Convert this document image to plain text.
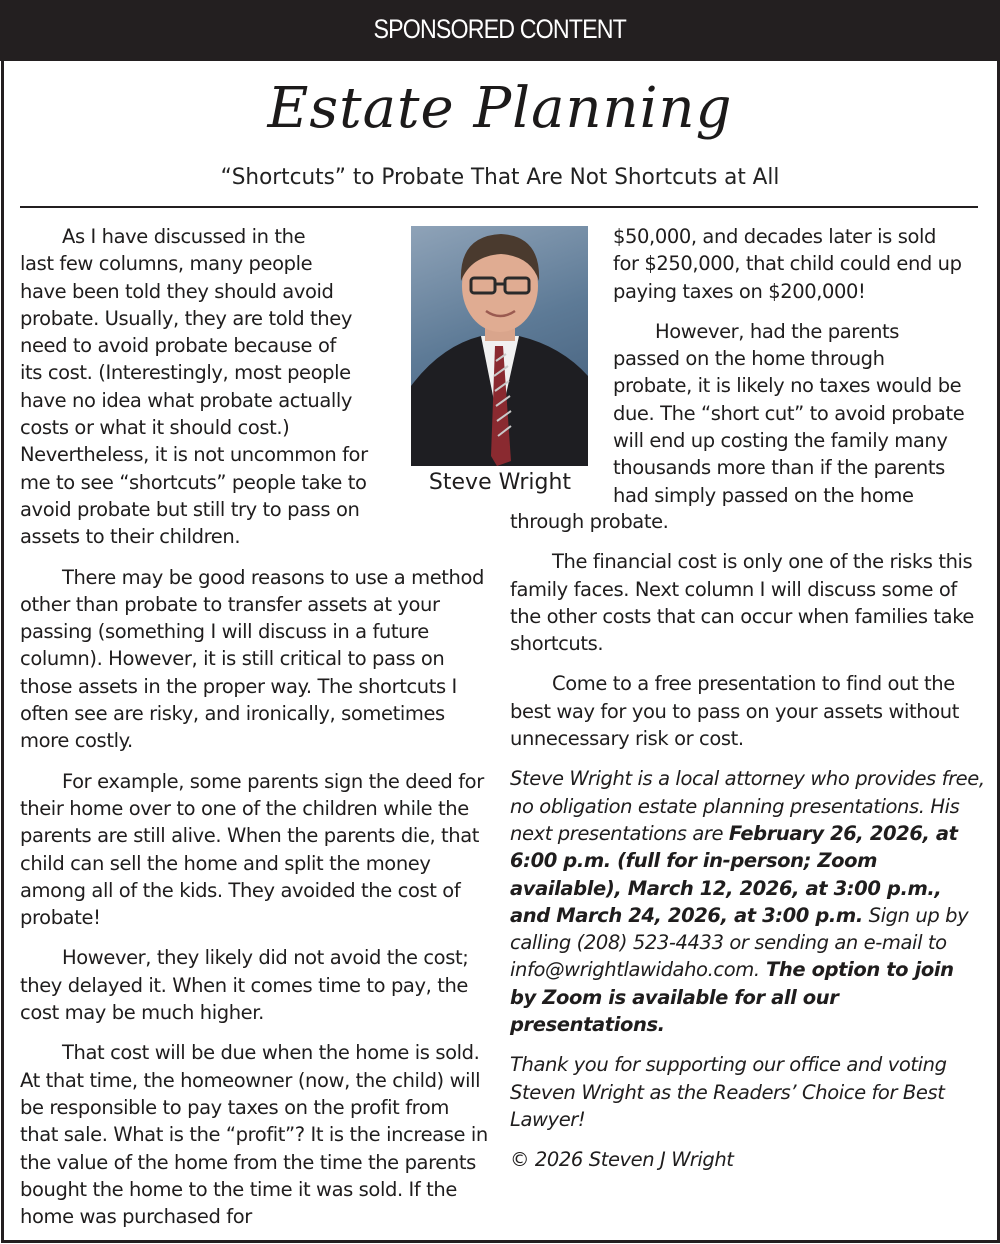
SPONSORED CONTENT
Estate Planning
“Shortcuts” to Probate That Are Not Shortcuts at All

As I have discussed in the
last few columns, many people
have been told they should avoid
probate. Usually, they are told they
need to avoid probate because of
its cost. (Interestingly, most people
have no idea what probate actually
costs or what it should cost.)
Nevertheless, it is not uncommon for
me to see “shortcuts” people take to
avoid probate but still try to pass on
assets to their children.

There may be good reasons to use a method other than probate to transfer assets at your passing (something I will discuss in a future column). However, it is still critical to pass on those assets in the proper way. The shortcuts I often see are risky, and ironically, sometimes more costly.

For example, some parents sign the deed for their home over to one of the children while the parents are still alive. When the parents die, that child can sell the home and split the money among all of the kids. They avoided the cost of probate!

However, they likely did not avoid the cost; they delayed it. When it comes time to pay, the cost may be much higher.

That cost will be due when the home is sold. At that time, the homeowner (now, the child) will be responsible to pay taxes on the profit from that sale. What is the “profit”? It is the increase in the value of the home from the time the parents bought the home to the time it was sold. If the home was purchased for

Steve Wright

$50,000, and decades later is sold
for $250,000, that child could end up
paying taxes on $200,000!

However, had the parents
passed on the home through
probate, it is likely no taxes would be
due. The “short cut” to avoid probate
will end up costing the family many
thousands more than if the parents
had simply passed on the home

through probate.

The financial cost is only one of the risks this family faces. Next column I will discuss some of the other costs that can occur when families take shortcuts.

Come to a free presentation to find out the best way for you to pass on your assets without unnecessary risk or cost.

Steve Wright is a local attorney who provides free, no obligation estate planning presentations. His next presentations are February 26, 2026, at 6:00 p.m. (full for in-person; Zoom available), March 12, 2026, at 3:00 p.m., and March 24, 2026, at 3:00 p.m. Sign up by calling (208) 523-4433 or sending an e-mail to info@wrightlawidaho.com. The option to join by Zoom is available for all our presentations.

Thank you for supporting our office and voting Steven Wright as the Readers’ Choice for Best Lawyer!

© 2026 Steven J Wright
